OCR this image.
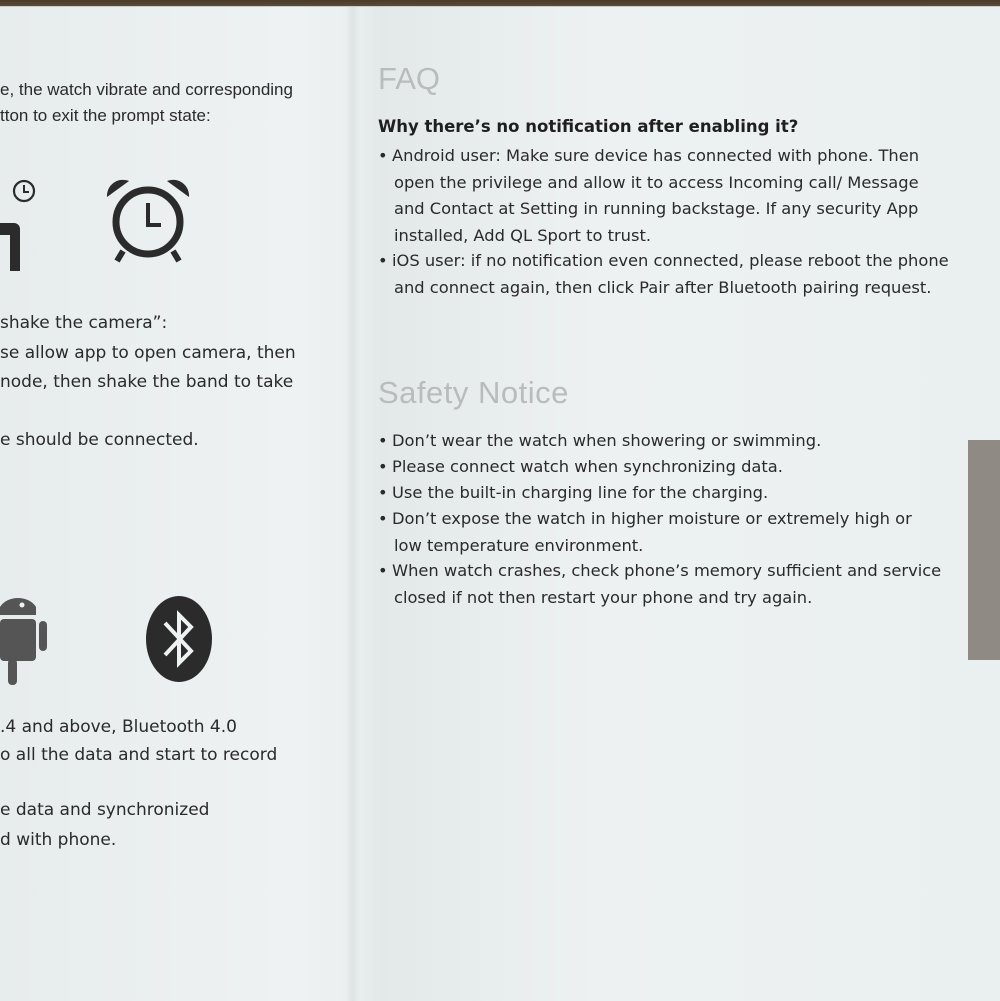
e, the watch vibrate and corresponding
tton to exit the prompt state:
shake the camera”:
se allow app to open camera, then
node, then shake the band to take
e should be connected.
.4 and above, Bluetooth 4.0
o all the data and start to record
e data and synchronized
d with phone.
FAQ
Why there’s no notification after enabling it?
• Android user: Make sure device has connected with phone. Then
open the privilege and allow it to access Incoming call/ Message
and Contact at Setting in running backstage. If any security App
installed, Add QL Sport to trust.
• iOS user: if no notification even connected, please reboot the phone
and connect again, then click Pair after Bluetooth pairing request.
Safety Notice
• Don’t wear the watch when showering or swimming.
• Please connect watch when synchronizing data.
• Use the built-in charging line for the charging.
• Don’t expose the watch in higher moisture or extremely high or
low temperature environment.
• When watch crashes, check phone’s memory sufficient and service
closed if not then restart your phone and try again.
